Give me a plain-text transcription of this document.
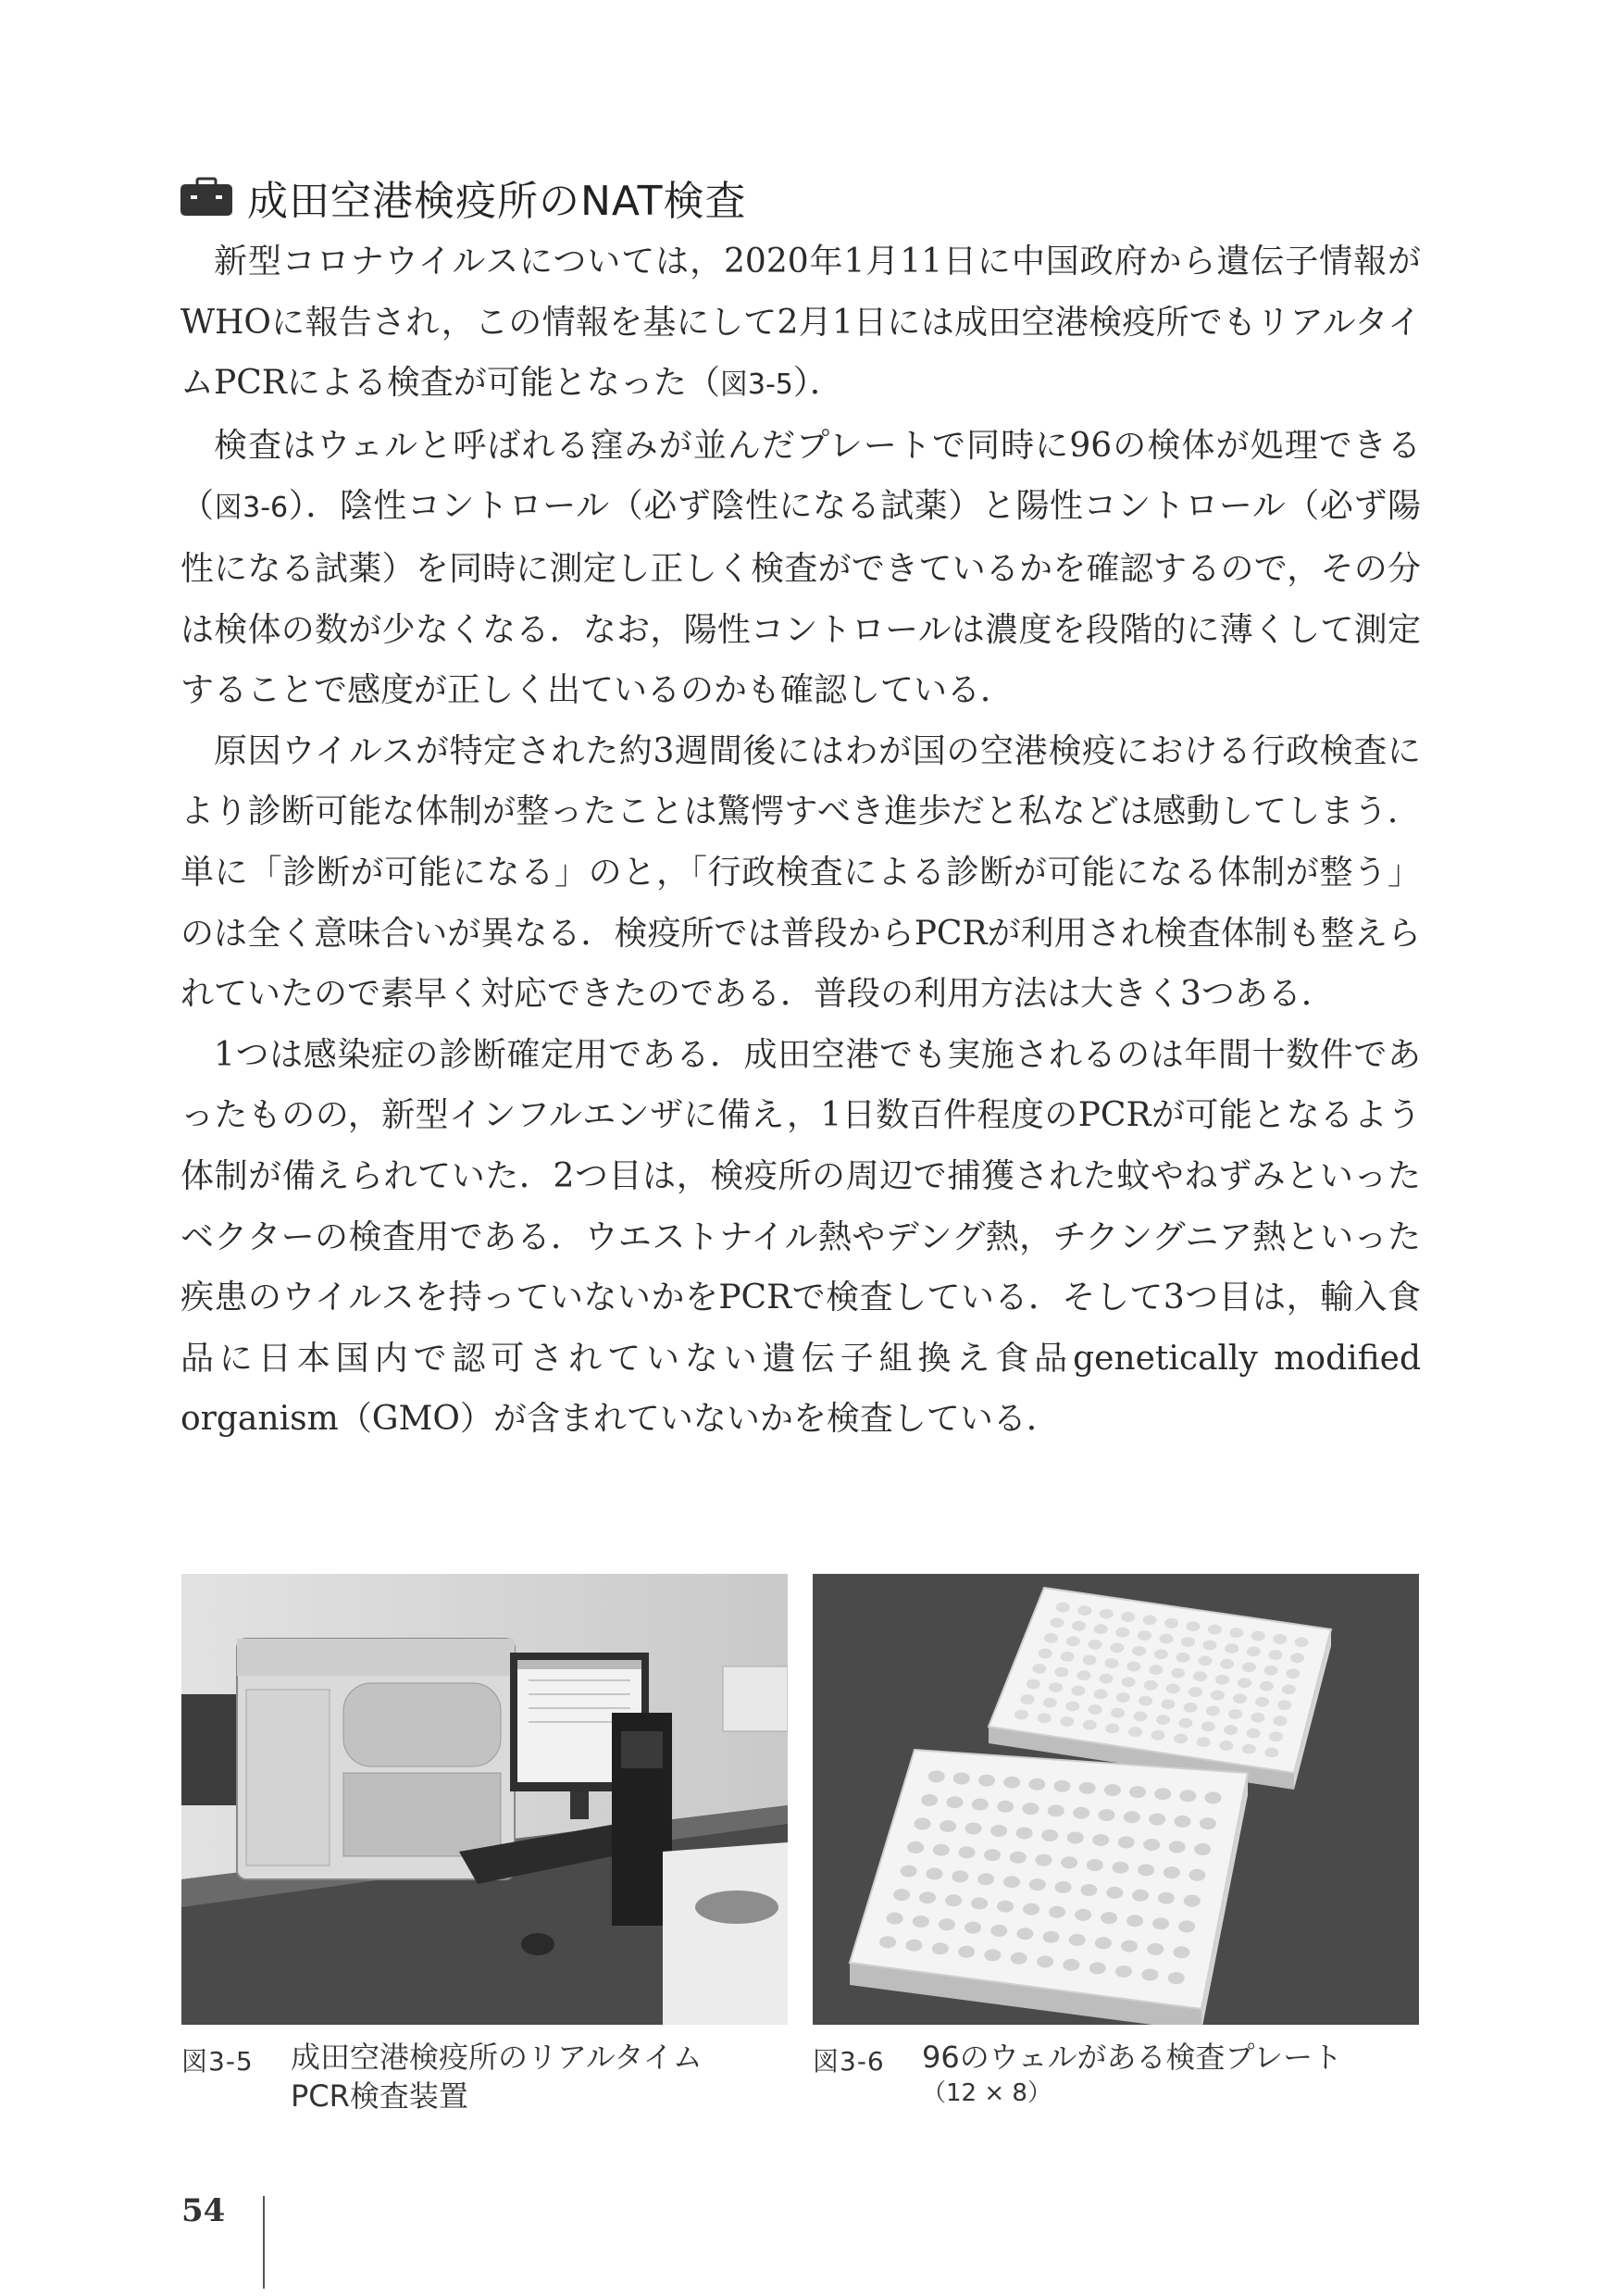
成田空港検疫所のNAT検査

新型コロナウイルスについては，2020年1月11日に中国政府から遺伝子情報がWHOに報告され，この情報を基にして2月1日には成田空港検疫所でもリアルタイムPCRによる検査が可能となった（図3-5）．

検査はウェルと呼ばれる窪みが並んだプレートで同時に96の検体が処理できる（図3-6）．陰性コントロール（必ず陰性になる試薬）と陽性コントロール（必ず陽性になる試薬）を同時に測定し正しく検査ができているかを確認するので，その分は検体の数が少なくなる．なお，陽性コントロールは濃度を段階的に薄くして測定することで感度が正しく出ているのかも確認している．

原因ウイルスが特定された約3週間後にはわが国の空港検疫における行政検査により診断可能な体制が整ったことは驚愕すべき進歩だと私などは感動してしまう．単に「診断が可能になる」のと，「行政検査による診断が可能になる体制が整う」のは全く意味合いが異なる．検疫所では普段からPCRが利用され検査体制も整えられていたので素早く対応できたのである．普段の利用方法は大きく3つある．

1つは感染症の診断確定用である．成田空港でも実施されるのは年間十数件であったものの，新型インフルエンザに備え，1日数百件程度のPCRが可能となるよう体制が備えられていた．2つ目は，検疫所の周辺で捕獲された蚊やねずみといったベクターの検査用である．ウエストナイル熱やデング熱，チクングニア熱といった疾患のウイルスを持っていないかをPCRで検査している．そして3つ目は，輸入食品に日本国内で認可されていない遺伝子組換え食品genetically modified organism（GMO）が含まれていないかを検査している．

図3-5	成田空港検疫所のリアルタイム
PCR検査装置
図3-6	96のウェルがある検査プレート
（12 × 8）
54
